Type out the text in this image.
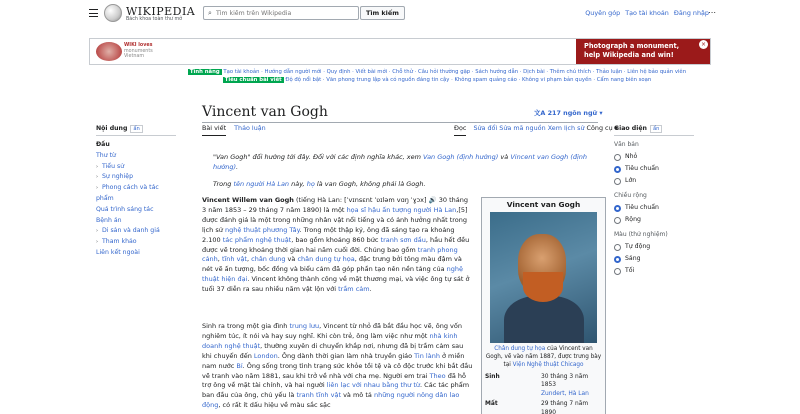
WIKIPEDIA
Bách khoa toàn thư mở
⌕
Tìm kiếm trên Wikipedia	Tìm kiếm	Quyên góp Tạo tài khoản Đăng nhập ⋯
WIKI loves
monuments
Vietnam
Photograph a monument,
help Wikipedia and win!
×
Tình nâng Tạo tài khoản · Hướng dẫn người mới · Quy định · Viết bài mới · Chỗ thử · Câu hỏi thường gặp · Sách hướng dẫn · Dịch bài · Thêm chú thích · Thảo luận · Liên hệ bảo quản viên
Tiêu chuẩn bài viết Độ độ nổi bật · Văn phong trung lập và có nguồn đáng tin cậy · Không spam quảng cáo · Không vi phạm bản quyền · Cẩm nang biên soạn
Vincent van Gogh	文A 217 ngôn ngữ ▾
Bài viết Thảo luận	Đọc Sửa đổi Sửa mã nguồn Xem lịch sử Công cụ ▾
Nội dung ẩn
Đầu
Thư từ
› Tiểu sử
› Sự nghiệp
› Phong cách và tác phẩm
Quá trình sáng tác
Bệnh án
› Di sản và danh giá
› Tham khảo
Liên kết ngoài
Giao diện ẩn
Văn bản
Nhỏ
Tiêu chuẩn
Lớn
Chiều rộng
Tiêu chuẩn
Rộng
Màu (thử nghiệm)
Tự động
Sáng
Tối
"Van Gogh" đổi hướng tới đây. Đối với các định nghĩa khác, xem Van Gogh (định hướng) và Vincent van Gogh (định hướng).
Trong tên người Hà Lan này, họ là van Gogh, không phải là Gogh.
Vincent Willem van Gogh (tiếng Hà Lan: [ˈvɪnsɛnt ˈʋɪləm vɑŋ ˈɣɔx] 🔊 30 tháng 3 năm 1853 – 29 tháng 7 năm 1890) là một họa sĩ hậu ấn tượng người Hà Lan,[5] được đánh giá là một trong những nhân vật nổi tiếng và có ảnh hưởng nhất trong lịch sử nghệ thuật phương Tây. Trong một thập kỷ, ông đã sáng tạo ra khoảng 2.100 tác phẩm nghệ thuật, bao gồm khoảng 860 bức tranh sơn dầu, hầu hết đều được vẽ trong khoảng thời gian hai năm cuối đời. Chúng bao gồm tranh phong cảnh, tĩnh vật, chân dung và chân dung tự họa, đặc trưng bởi tông màu đậm và nét vẽ ấn tượng, bốc đồng và biểu cảm đã góp phần tạo nên nền tảng của nghệ thuật hiện đại. Vincent không thành công về mặt thương mại, và việc ông tự sát ở tuổi 37 diễn ra sau nhiều năm vật lộn với trầm cảm.
Sinh ra trong một gia đình trung lưu, Vincent từ nhỏ đã bắt đầu học vẽ, ông vốn nghiêm túc, ít nói và hay suy nghĩ. Khi còn trẻ, ông làm việc như một nhà kinh doanh nghệ thuật, thường xuyên di chuyển khắp nơi, nhưng đã bị trầm cảm sau khi chuyển đến London. Ông dành thời gian làm nhà truyền giáo Tin lành ở miền nam nước Bỉ. Ông sống trong tình trạng sức khỏe tồi tệ và cô độc trước khi bắt đầu vẽ tranh vào năm 1881, sau khi trở về nhà với cha mẹ. Người em trai Theo đã hỗ trợ ông về mặt tài chính, và hai người liên lạc với nhau bằng thư từ. Các tác phẩm ban đầu của ông, chủ yếu là tranh tĩnh vật và mô tả những người nông dân lao động, có rất ít dấu hiệu về màu sắc sặc
Vincent van Gogh
Chân dung tự họa của Vincent van Gogh, vẽ vào năm 1887, được trưng bày tại Viện Nghệ thuật Chicago
Sinh	30 tháng 3 năm 1853
Zundert, Hà Lan
Mất	29 tháng 7 năm 1890
